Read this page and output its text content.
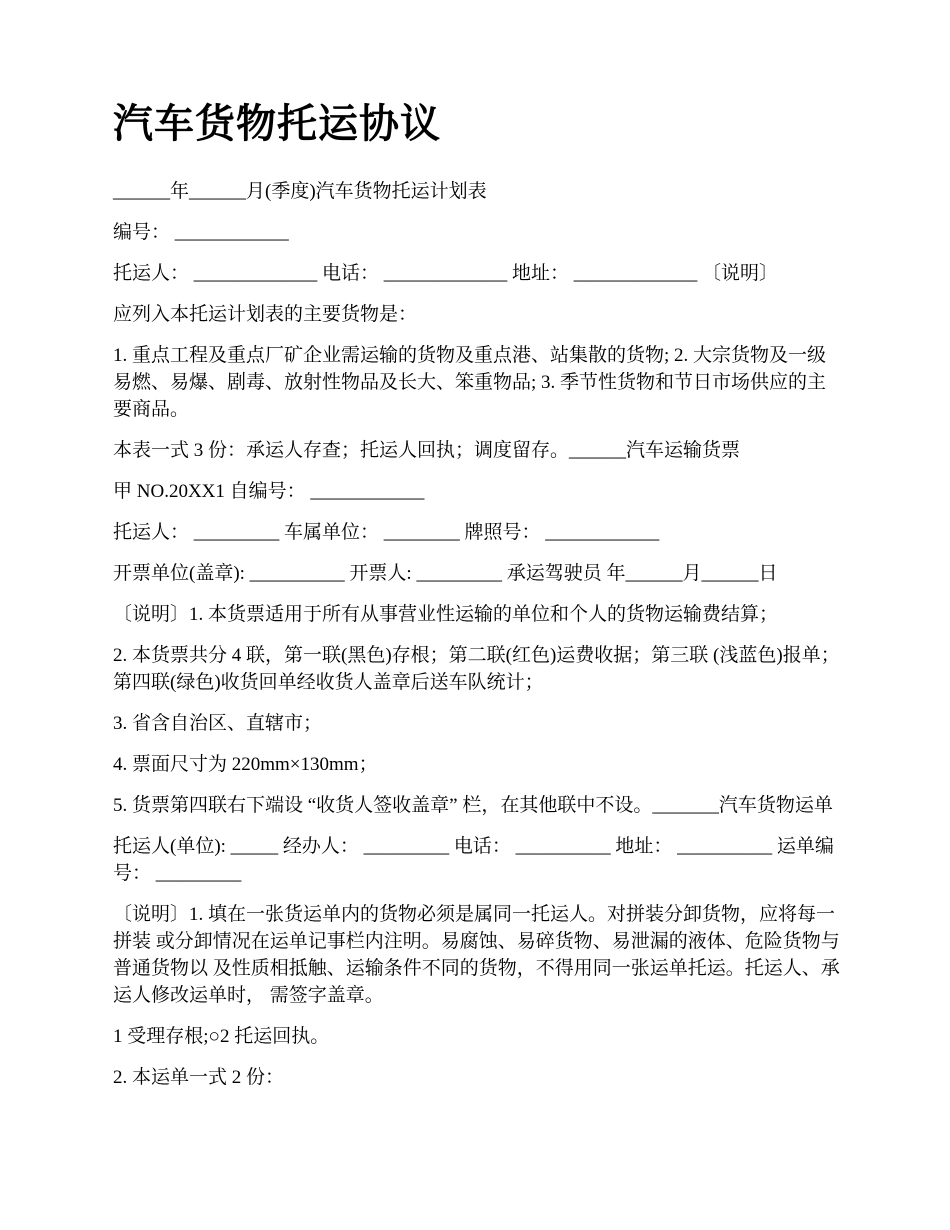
汽车货物托运协议

______年______月(季度)汽车货物托运计划表

编号： ____________

托运人： _____________ 电话： _____________ 地址： _____________ 〔说明〕

应列入本托运计划表的主要货物是：

1. 重点工程及重点厂矿企业需运输的货物及重点港、站集散的货物; 2. 大宗货物及一级易燃、易爆、剧毒、放射性物品及长大、笨重物品; 3. 季节性货物和节日市场供应的主要商品。

本表一式 3 份：承运人存查；托运人回执；调度留存。______汽车运输货票

甲 NO.20XX1 自编号： ____________

托运人： _________ 车属单位： ________ 牌照号： ____________

开票单位(盖章): __________ 开票人: _________ 承运驾驶员 年______月______日

〔说明〕1. 本货票适用于所有从事营业性运输的单位和个人的货物运输费结算；

2. 本货票共分 4 联，第一联(黑色)存根；第二联(红色)运费收据；第三联 (浅蓝色)报单；第四联(绿色)收货回单经收货人盖章后送车队统计；

3. 省含自治区、直辖市；

4. 票面尺寸为 220mm×130mm；

5. 货票第四联右下端设 “收货人签收盖章” 栏，在其他联中不设。_______汽车货物运单

托运人(单位): _____ 经办人： _________ 电话： __________ 地址： __________ 运单编号： _________

〔说明〕1. 填在一张货运单内的货物必须是属同一托运人。对拼装分卸货物，应将每一拼装 或分卸情况在运单记事栏内注明。易腐蚀、易碎货物、易泄漏的液体、危险货物与普通货物以 及性质相抵触、运输条件不同的货物，不得用同一张运单托运。托运人、承运人修改运单时， 需签字盖章。

1 受理存根;○2 托运回执。

2. 本运单一式 2 份：
